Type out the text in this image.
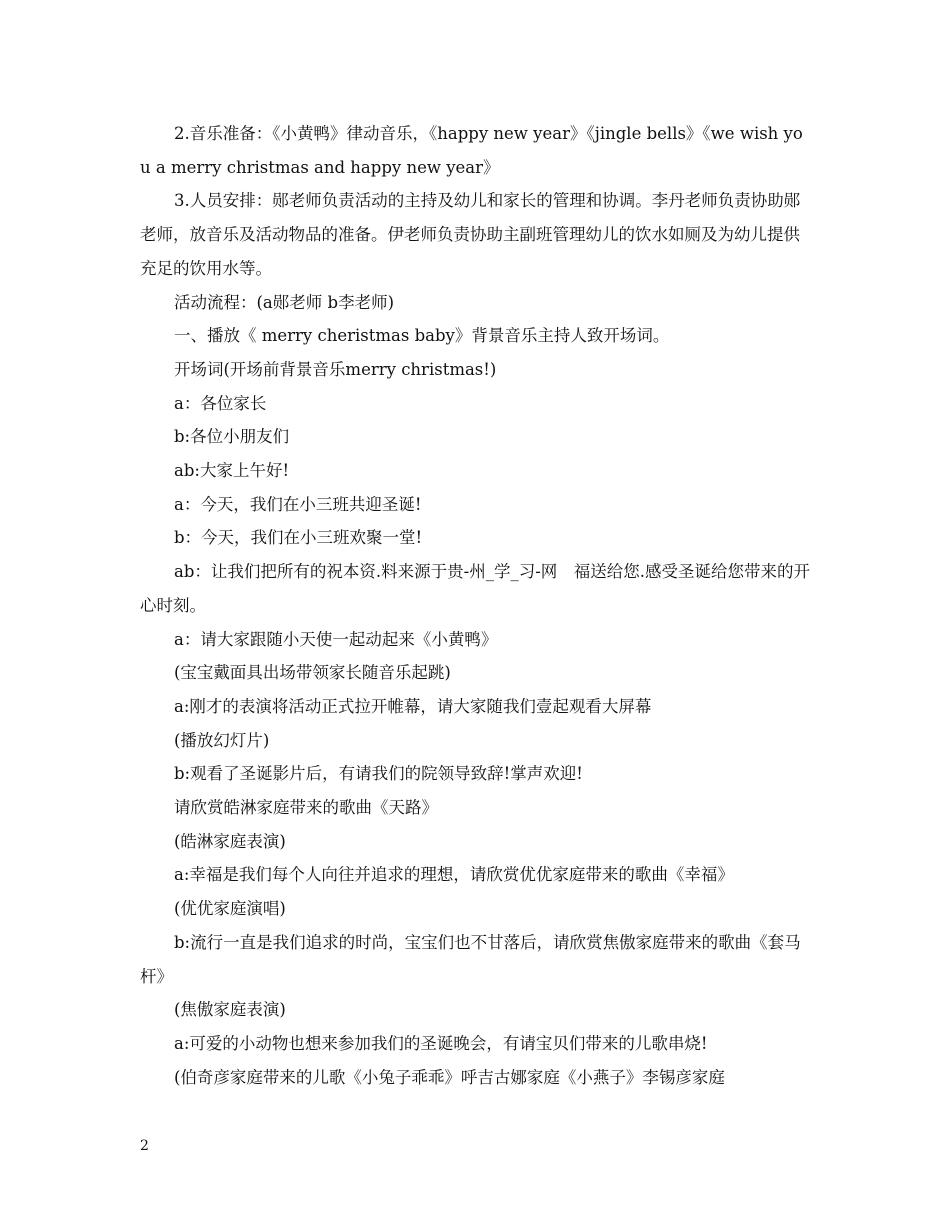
2.音乐准备：《小黄鸭》律动音乐，《happy new year》《jingle bells》《we wish you a merry christmas and happy new year》

3.人员安排：郧老师负责活动的主持及幼儿和家长的管理和协调。李丹老师负责协助郧老师，放音乐及活动物品的准备。伊老师负责协助主副班管理幼儿的饮水如厕及为幼儿提供充足的饮用水等。

活动流程：(a郧老师 b李老师)

一、播放《 merry cheristmas baby》背景音乐主持人致开场词。

开场词(开场前背景音乐merry christmas!)

a：各位家长

b:各位小朋友们

ab:大家上午好!

a：今天，我们在小三班共迎圣诞!

b：今天，我们在小三班欢聚一堂!

ab：让我们把所有的祝本资.料来源于贵-州_学_习-网　福送给您.感受圣诞给您带来的开心时刻。

a：请大家跟随小天使一起动起来《小黄鸭》

(宝宝戴面具出场带领家长随音乐起跳)

a:刚才的表演将活动正式拉开帷幕，请大家随我们壹起观看大屏幕

(播放幻灯片)

b:观看了圣诞影片后，有请我们的院领导致辞!掌声欢迎!

请欣赏皓淋家庭带来的歌曲《天路》

(皓淋家庭表演)

a:幸福是我们每个人向往并追求的理想，请欣赏优优家庭带来的歌曲《幸福》

(优优家庭演唱)

b:流行一直是我们追求的时尚，宝宝们也不甘落后，请欣赏焦傲家庭带来的歌曲《套马杆》

(焦傲家庭表演)

a:可爱的小动物也想来参加我们的圣诞晚会，有请宝贝们带来的儿歌串烧!

(伯奇彦家庭带来的儿歌《小兔子乖乖》呼吉古娜家庭《小燕子》李锡彦家庭

2
